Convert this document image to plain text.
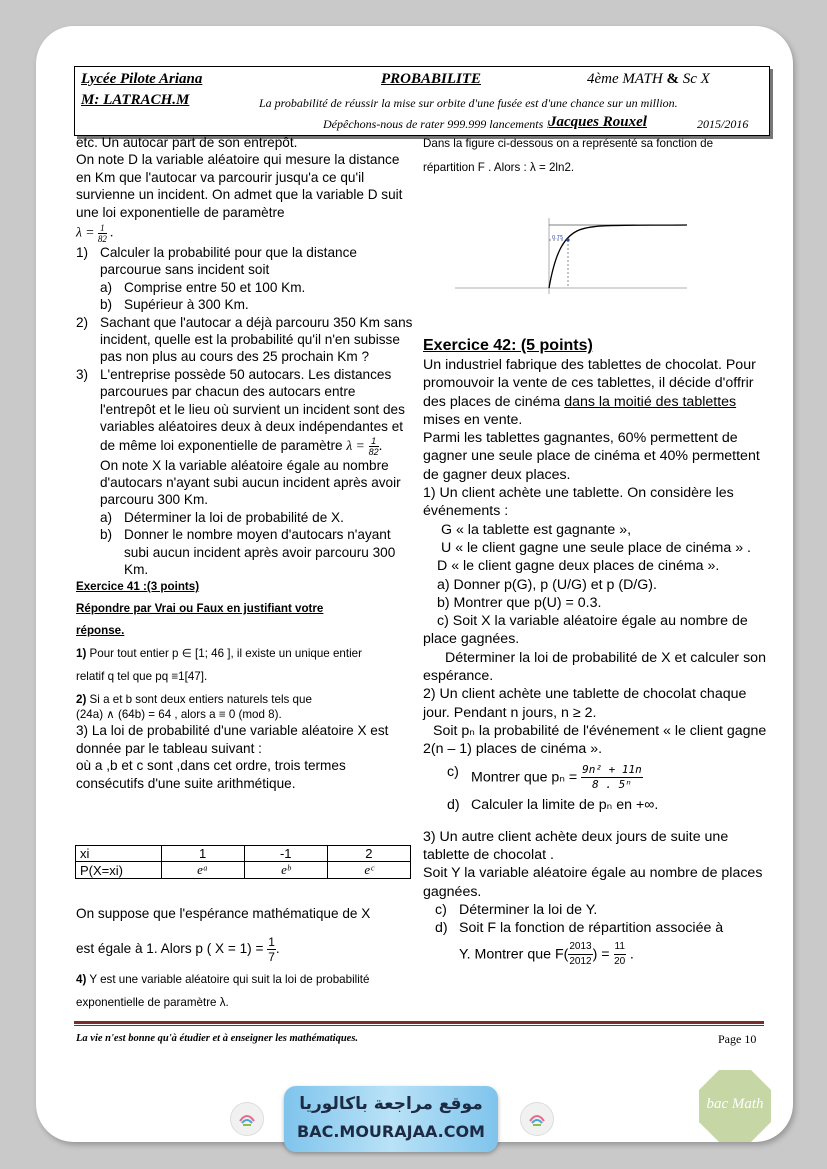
Lycée Pilote Ariana
M: LATRACH.M
PROBABILITE	4ème MATH & Sc X
La probabilité de réussir la mise sur orbite d'une fusée est d'une chance sur un million.
Dépêchons-nous de rater 999.999 lancements !
Jacques Rouxel	2015/2016

etc. Un autocar part de son entrepôt.

On note D la variable aléatoire qui mesure la distance en Km que l'autocar va parcourir jusqu'a ce qu'il survienne un incident. On admet que la variable D suit une loi exponentielle de paramètre

$\lambda = \frac{1}{82}$ .

1) Calculer la probabilité pour que la distance parcourue sans incident soit
a) Comprise entre 50 et 100 Km.
b) Supérieur à 300 Km.
2) Sachant que l'autocar a déjà parcouru 350 Km sans incident, quelle est la probabilité qu'il n'en subisse pas non plus au cours des 25 prochain Km ?
3) L'entreprise possède 50 autocars. Les distances parcourues par chacun des autocars entre l'entrepôt et le lieu où survient un incident sont des variables aléatoires deux à deux indépendantes et de même loi exponentielle de paramètre $\lambda = \frac{1}{82}$ .
On note X la variable aléatoire égale au nombre d'autocars n'ayant subi aucun incident après avoir parcouru 300 Km.
a) Déterminer la loi de probabilité de X.
b) Donner le nombre moyen d'autocars n'ayant subi aucun incident après avoir parcouru 300 Km.

Exercice 41 :(3 points)

Répondre par Vrai ou Faux en justifiant votre

réponse.

1) Pour tout entier p ∈ [1; 46 ], il existe un unique entier

relatif q tel que pq ≡1[47].

2) Si a et b sont deux entiers naturels tels que

(24a) ∧ (64b) = 64 , alors a ≡ 0 (mod 8).

3) La loi de probabilité d'une variable aléatoire X est donnée par le tableau suivant :

où a ,b et c sont ,dans cet ordre, trois termes consécutifs d'une suite arithmétique.

xi	1	-1	2
P(X=xi)	eᵃ	eᵇ	eᶜ

On suppose que l'espérance mathématique de X

est égale à 1. Alors p ( $X = 1) = \frac{1}{7}$ .

4) Y est une variable aléatoire qui suit la loi de probabilité

exponentielle de paramètre λ.

Dans la figure ci-dessous on a représenté sa fonction de

répartition F . Alors : λ = 2ln2.

0.75

Exercice 42: (5 points)

Un industriel fabrique des tablettes de chocolat. Pour promouvoir la vente de ces tablettes, il décide d'offrir des places de cinéma dans la moitié des tablettes mises en vente.

Parmi les tablettes gagnantes, 60% permettent de gagner une seule place de cinéma et 40% permettent de gagner deux places.

1) Un client achète une tablette. On considère les événements :

G « la tablette est gagnante »,

U « le client gagne une seule place de cinéma » .

D « le client gagne deux places de cinéma ».

a) Donner p(G), p (U/G) et p (D/G).

b) Montrer que p(U) = 0.3.

c) Soit X la variable aléatoire égale au nombre de place gagnées.

Déterminer la loi de probabilité de X et calculer son espérance.

2) Un client achète une tablette de chocolat chaque jour. Pendant n jours, n ≥ 2.

Soit pₙ la probabilité de l'événement « le client gagne 2(n – 1) places de cinéma ».

c) Montrer que $p_n = \frac{\text{9n² + 11n}}{\text{8 . 5ⁿ}}$
d) Calculer la limite de pₙ en +∞.

3) Un autre client achète deux jours de suite une tablette de chocolat .

Soit Y la variable aléatoire égale au nombre de places gagnées.

c) Déterminer la loi de Y.
d) Soit F la fonction de répartition associée à

Y. Montrer que $F( \frac{2013}{2012}$ ) = $\frac{11}{20}$ .

La vie n'est bonne qu'à étudier et à enseigner les mathématiques.	Page 10
موقع مراجعة باكالوريا
BAC.MOURAJAA.COM
bac Math
